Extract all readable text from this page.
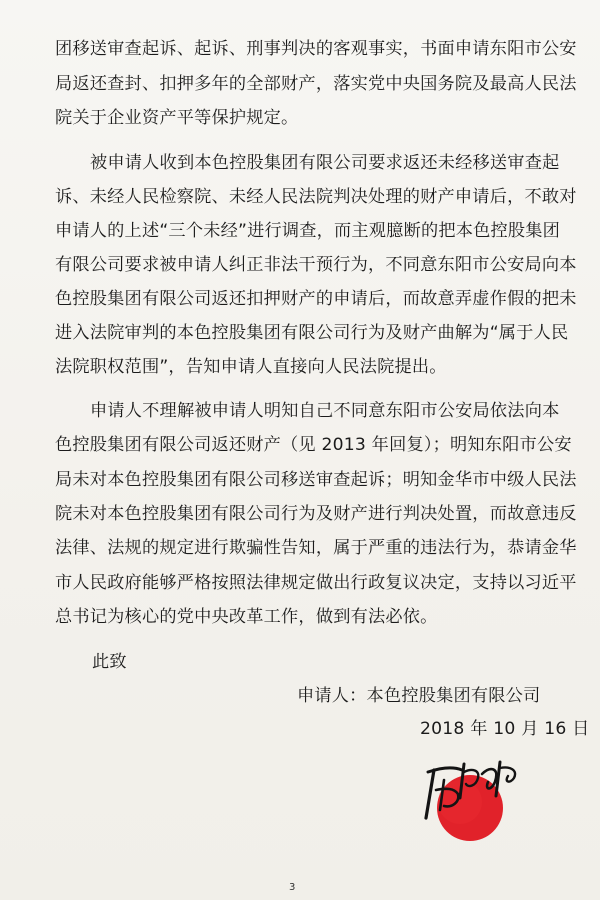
团移送审查起诉、起诉、刑事判决的客观事实，书面申请东阳市公安
局返还查封、扣押多年的全部财产，落实党中央国务院及最高人民法
院关于企业资产平等保护规定。
被申请人收到本色控股集团有限公司要求返还未经移送审查起
诉、未经人民检察院、未经人民法院判决处理的财产申请后，不敢对
申请人的上述“三个未经”进行调查，而主观臆断的把本色控股集团
有限公司要求被申请人纠正非法干预行为，不同意东阳市公安局向本
色控股集团有限公司返还扣押财产的申请后，而故意弄虚作假的把未
进入法院审判的本色控股集团有限公司行为及财产曲解为“属于人民
法院职权范围”，告知申请人直接向人民法院提出。
申请人不理解被申请人明知自己不同意东阳市公安局依法向本
色控股集团有限公司返还财产（见 2013 年回复）；明知东阳市公安
局未对本色控股集团有限公司移送审查起诉；明知金华市中级人民法
院未对本色控股集团有限公司行为及财产进行判决处置，而故意违反
法律、法规的规定进行欺骗性告知，属于严重的违法行为，恭请金华
市人民政府能够严格按照法律规定做出行政复议决定，支持以习近平
总书记为核心的党中央改革工作，做到有法必依。
此致
申请人：本色控股集团有限公司
2018 年 10 月 16 日
3
